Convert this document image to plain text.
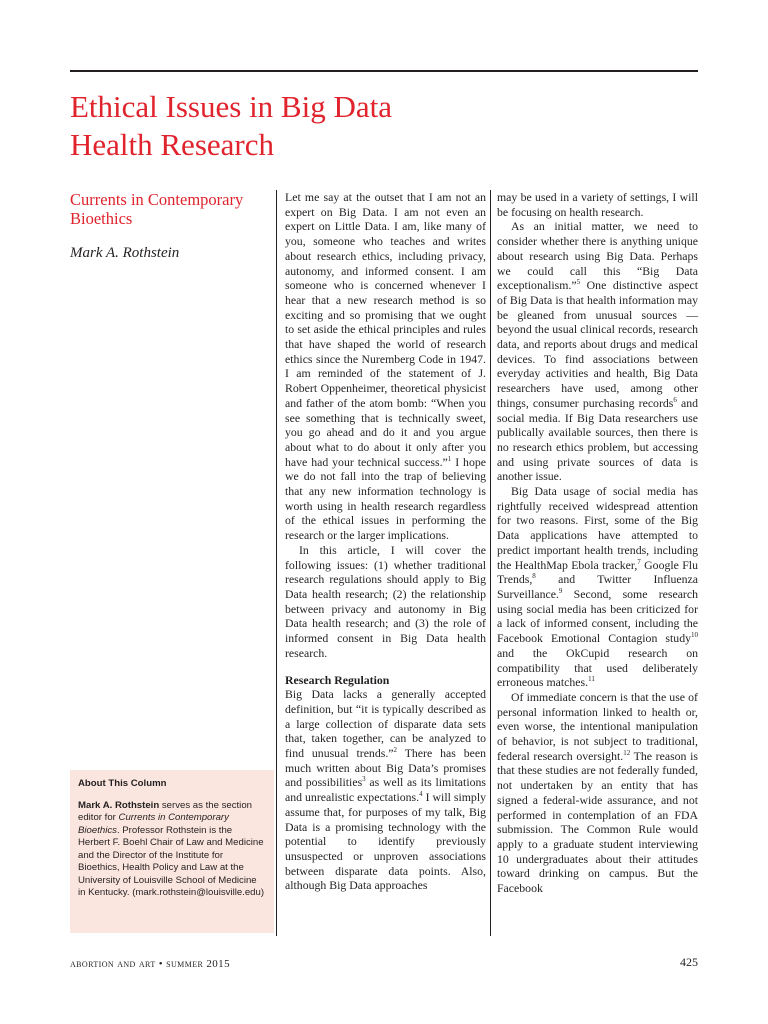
Ethical Issues in Big Data
Health Research
Currents in Contemporary
Bioethics
Mark A. Rothstein
About This Column
Mark A. Rothstein serves as the section editor for Currents in Contemporary Bioethics. Professor Rothstein is the Herbert F. Boehl Chair of Law and Medicine and the Director of the Institute for Bioethics, Health Policy and Law at the University of Louisville School of Medicine in Kentucky. (mark.rothstein@louisville.edu)

Let me say at the outset that I am not an expert on Big Data. I am not even an expert on Little Data. I am, like many of you, someone who teaches and writes about research ethics, including privacy, autonomy, and informed consent. I am someone who is concerned whenever I hear that a new research method is so exciting and so promising that we ought to set aside the ethical principles and rules that have shaped the world of research ethics since the Nuremberg Code in 1947. I am reminded of the statement of J. Robert Oppenheimer, theoretical physicist and father of the atom bomb: “When you see something that is technically sweet, you go ahead and do it and you argue about what to do about it only after you have had your technical success.”$^1$ I hope we do not fall into the trap of believing that any new information technology is worth using in health research regardless of the ethical issues in performing the research or the larger implications.

In this article, I will cover the following issues: (1) whether traditional research regulations should apply to Big Data health research; (2) the relationship between privacy and autonomy in Big Data health research; and (3) the role of informed consent in Big Data health research.

Research Regulation

Big Data lacks a generally accepted definition, but “it is typically described as a large collection of disparate data sets that, taken together, can be analyzed to find unusual trends.”$^2$ There has been much written about Big Data’s promises and possibilities$^3$ as well as its limitations and unrealistic expectations.$^4$ I will simply assume that, for purposes of my talk, Big Data is a promising technology with the potential to identify previously unsuspected or unproven associations between disparate data points. Also, although Big Data approaches

may be used in a variety of settings, I will be focusing on health research.

As an initial matter, we need to consider whether there is anything unique about research using Big Data. Perhaps we could call this “Big Data exceptionalism.”$^5$ One distinctive aspect of Big Data is that health information may be gleaned from unusual sources — beyond the usual clinical records, research data, and reports about drugs and medical devices. To find associations between everyday activities and health, Big Data researchers have used, among other things, consumer purchasing records$^6$ and social media. If Big Data researchers use publically available sources, then there is no research ethics problem, but accessing and using private sources of data is another issue.

Big Data usage of social media has rightfully received widespread attention for two reasons. First, some of the Big Data applications have attempted to predict important health trends, including the HealthMap Ebola tracker,$^7$ Google Flu Trends,$^8$ and Twitter Influenza Surveillance.$^9$ Second, some research using social media has been criticized for a lack of informed consent, including the Facebook Emotional Contagion study$^{10}$ and the OkCupid research on compatibility that used deliberately erroneous matches.$^{11}$

Of immediate concern is that the use of personal information linked to health or, even worse, the intentional manipulation of behavior, is not subject to traditional, federal research oversight.$^{12}$ The reason is that these studies are not federally funded, not undertaken by an entity that has signed a federal-wide assurance, and not performed in contemplation of an FDA submission. The Common Rule would apply to a graduate student interviewing 10 undergraduates about their attitudes toward drinking on campus. But the Facebook

abortion and art • summer 2015	425
